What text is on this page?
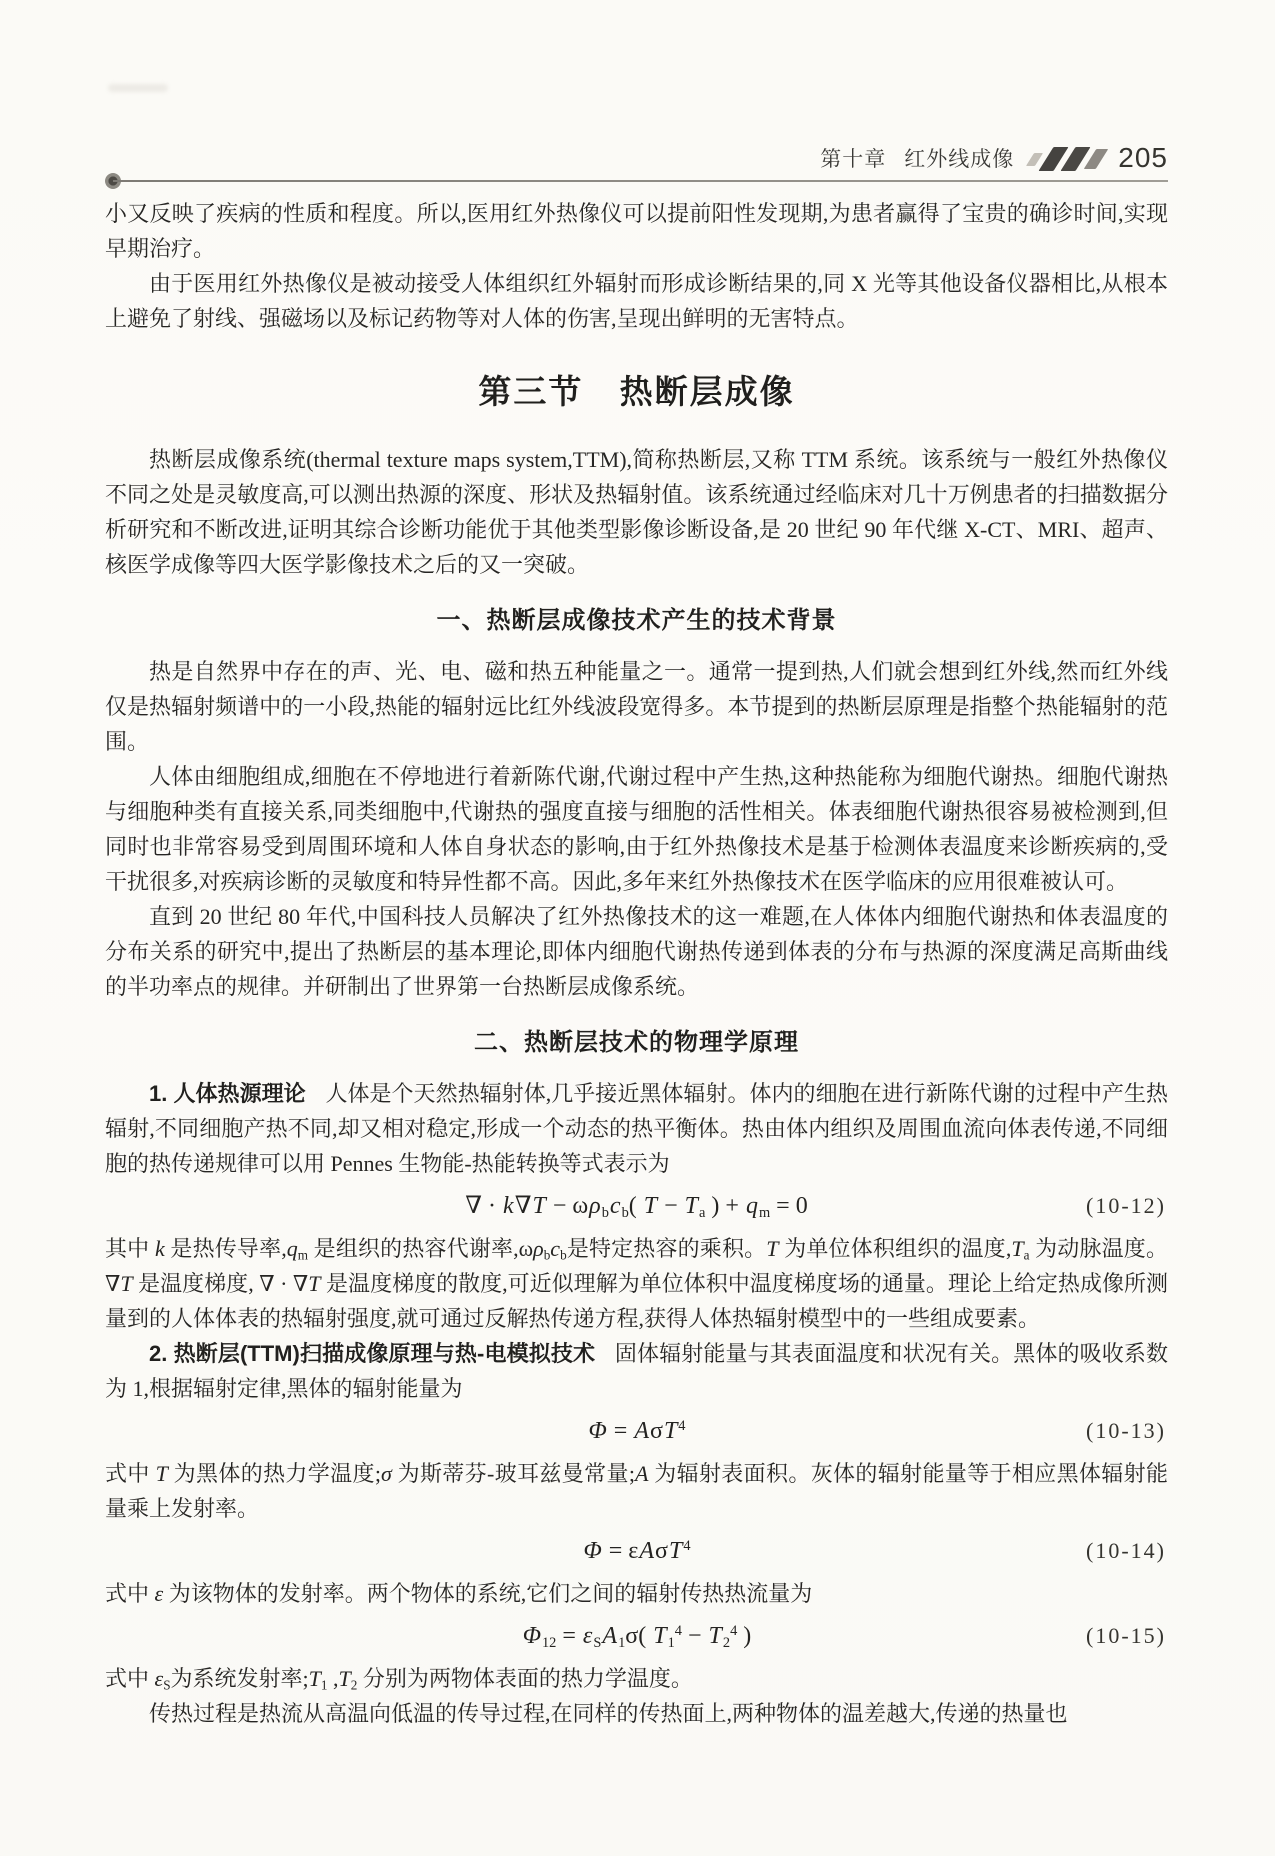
第十章 红外线成像	205

小又反映了疾病的性质和程度。所以,医用红外热像仪可以提前阳性发现期,为患者赢得了宝贵的确诊时间,实现早期治疗。

由于医用红外热像仪是被动接受人体组织红外辐射而形成诊断结果的,同 X 光等其他设备仪器相比,从根本上避免了射线、强磁场以及标记药物等对人体的伤害,呈现出鲜明的无害特点。

第三节 热断层成像

热断层成像系统(thermal texture maps system,TTM),简称热断层,又称 TTM 系统。该系统与一般红外热像仪不同之处是灵敏度高,可以测出热源的深度、形状及热辐射值。该系统通过经临床对几十万例患者的扫描数据分析研究和不断改进,证明其综合诊断功能优于其他类型影像诊断设备,是 20 世纪 90 年代继 X-CT、MRI、超声、核医学成像等四大医学影像技术之后的又一突破。

一、热断层成像技术产生的技术背景

热是自然界中存在的声、光、电、磁和热五种能量之一。通常一提到热,人们就会想到红外线,然而红外线仅是热辐射频谱中的一小段,热能的辐射远比红外线波段宽得多。本节提到的热断层原理是指整个热能辐射的范围。

人体由细胞组成,细胞在不停地进行着新陈代谢,代谢过程中产生热,这种热能称为细胞代谢热。细胞代谢热与细胞种类有直接关系,同类细胞中,代谢热的强度直接与细胞的活性相关。体表细胞代谢热很容易被检测到,但同时也非常容易受到周围环境和人体自身状态的影响,由于红外热像技术是基于检测体表温度来诊断疾病的,受干扰很多,对疾病诊断的灵敏度和特异性都不高。因此,多年来红外热像技术在医学临床的应用很难被认可。

直到 20 世纪 80 年代,中国科技人员解决了红外热像技术的这一难题,在人体体内细胞代谢热和体表温度的分布关系的研究中,提出了热断层的基本理论,即体内细胞代谢热传递到体表的分布与热源的深度满足高斯曲线的半功率点的规律。并研制出了世界第一台热断层成像系统。

二、热断层技术的物理学原理

1. 人体热源理论 人体是个天然热辐射体,几乎接近黑体辐射。体内的细胞在进行新陈代谢的过程中产生热辐射,不同细胞产热不同,却又相对稳定,形成一个动态的热平衡体。热由体内组织及周围血流向体表传递,不同细胞的热传递规律可以用 Pennes 生物能-热能转换等式表示为

∇ · $k\nabla T - \omega\rho_bc_b$( $T - T_a$ ) + $q_m = 0$	(10-12)

其中 k 是热传导率$,q_m$ 是组织的热容代谢率$,\omega\rho_bc_b$是特定热容的乘积。T 为单位体积组织的温度$,T_a$ 为动脉温度。∇T 是温度梯度, ∇ · ∇T 是温度梯度的散度,可近似理解为单位体积中温度梯度场的通量。理论上给定热成像所测量到的人体体表的热辐射强度,就可通过反解热传递方程,获得人体热辐射模型中的一些组成要素。

2. 热断层(TTM)扫描成像原理与热-电模拟技术 固体辐射能量与其表面温度和状况有关。黑体的吸收系数为 1,根据辐射定律,黑体的辐射能量为

Φ = AσT$^4$	(10-13)

式中 T 为黑体的热力学温度;σ 为斯蒂芬-玻耳兹曼常量;A 为辐射表面积。灰体的辐射能量等于相应黑体辐射能量乘上发射率。

Φ = εAσT$^4$	(10-14)

式中 ε 为该物体的发射率。两个物体的系统,它们之间的辐射传热热流量为

$\Phi_{12} = \varepsilon_SA_1\sigma$( $T_1^4 - T_2^4$ )	(10-15)

式中 $\varepsilon_S$为系统发射率$;T_1$ $,T_2$ 分别为两物体表面的热力学温度。

传热过程是热流从高温向低温的传导过程,在同样的传热面上,两种物体的温差越大,传递的热量也
